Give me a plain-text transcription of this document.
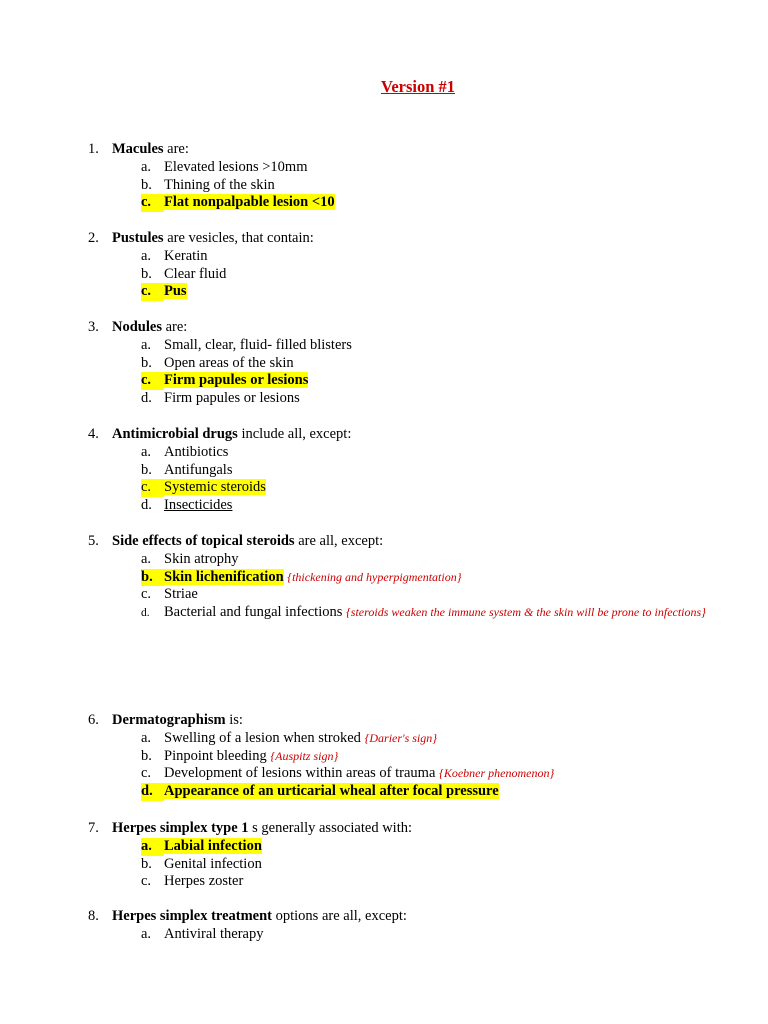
Version #1
1. Macules are:
a. Elevated lesions >10mm
b. Thining of the skin
c. Flat nonpalpable lesion <10
2. Pustules are vesicles, that contain:
a. Keratin
b. Clear fluid
c. Pus
3. Nodules are:
a. Small, clear, fluid- filled blisters
b. Open areas of the skin
c. Firm papules or lesions
d. Firm papules or lesions
4. Antimicrobial drugs include all, except:
a. Antibiotics
b. Antifungals
c. Systemic steroids
d. Insecticides
5. Side effects of topical steroids are all, except:
a. Skin atrophy
b. Skin lichenification {thickening and hyperpigmentation}
c. Striae
d. Bacterial and fungal infections {steroids weaken the immune system & the skin will be prone to infections}
6. Dermatographism is:
a. Swelling of a lesion when stroked {Darier's sign}
b. Pinpoint bleeding {Auspitz sign}
c. Development of lesions within areas of trauma {Koebner phenomenon}
d. Appearance of an urticarial wheal after focal pressure
7. Herpes simplex type 1 s generally associated with:
a. Labial infection
b. Genital infection
c. Herpes zoster
8. Herpes simplex treatment options are all, except:
a. Antiviral therapy
